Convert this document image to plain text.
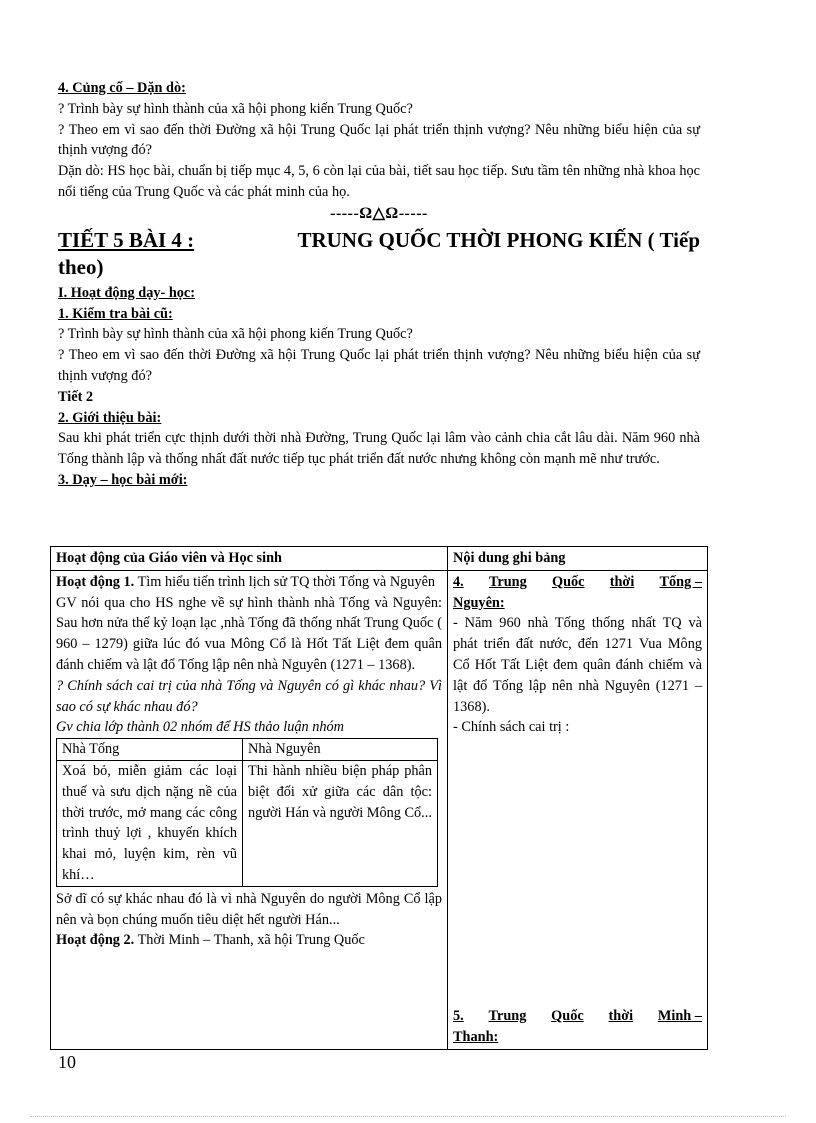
4. Củng cố – Dặn dò:

? Trình bày sự hình thành của xã hội phong kiến Trung Quốc?

? Theo em vì sao đến thời Đường xã hội Trung Quốc lại phát triển thịnh vượng? Nêu những biểu hiện của sự thịnh vượng đó?

Dặn dò: HS học bài, chuẩn bị tiếp mục 4, 5, 6 còn lại của bài, tiết sau học tiếp. Sưu tầm tên những nhà khoa học nổi tiếng của Trung Quốc và các phát minh của họ.

-----Ω△Ω-----

TIẾT 5 BÀI 4 :	TRUNG QUỐC THỜI PHONG KIẾN ( Tiếp

theo)

I. Hoạt động dạy- học:

1. Kiểm tra bài cũ:

? Trình bày sự hình thành của xã hội phong kiến Trung Quốc?

? Theo em vì sao đến thời Đường xã hội Trung Quốc lại phát triển thịnh vượng? Nêu những biểu hiện của sự thịnh vượng đó?

Tiết 2

2. Giới thiệu bài:

Sau khi phát triển cực thịnh dưới thời nhà Đường, Trung Quốc lại lâm vào cảnh chia cắt lâu dài. Năm 960 nhà Tống thành lập và thống nhất đất nước tiếp tục phát triển đất nước nhưng không còn mạnh mẽ như trước.

3. Dạy – học bài mới:

Hoạt động của Giáo viên và Học sinh	Nội dung ghi bảng

Hoạt động 1. Tìm hiểu tiến trình lịch sử TQ thời Tống và Nguyên
GV nói qua cho HS nghe về sự hình thành nhà Tống và Nguyên: Sau hơn nửa thế kỷ loạn lạc ,nhà Tống đã thống nhất Trung Quốc ( 960 – 1279) giữa lúc đó vua Mông Cổ là Hốt Tất Liệt đem quân đánh chiếm và lật đổ Tống lập nên nhà Nguyên (1271 – 1368).
? Chính sách cai trị của nhà Tống và Nguyên có gì khác nhau? Vì sao có sự khác nhau đó?
Gv chia lớp thành 02 nhóm để HS thảo luận nhóm
Nhà Tống	Nhà Nguyên
Xoá bỏ, miễn giảm các loại thuế và sưu dịch nặng nề của thời trước, mở mang các công trình thuỷ lợi , khuyến khích khai mỏ, luyện kim, rèn vũ khí…	Thi hành nhiều biện pháp phân biệt đối xử giữa các dân tộc: người Hán và người Mông Cổ...
Sở dĩ có sự khác nhau đó là vì nhà Nguyên do người Mông Cổ lập nên và bọn chúng muốn tiêu diệt hết người Hán...
Hoạt động 2. Thời Minh – Thanh, xã hội Trung Quốc

4. Trung Quốc thời Tống –
Nguyên:
- Năm 960 nhà Tống thống nhất TQ và phát triển đất nước, đến 1271 Vua Mông Cổ Hốt Tất Liệt đem quân đánh chiếm và lật đổ Tống lập nên nhà Nguyên (1271 – 1368).
- Chính sách cai trị :
5. Trung Quốc thời Minh –
Thanh:
10
